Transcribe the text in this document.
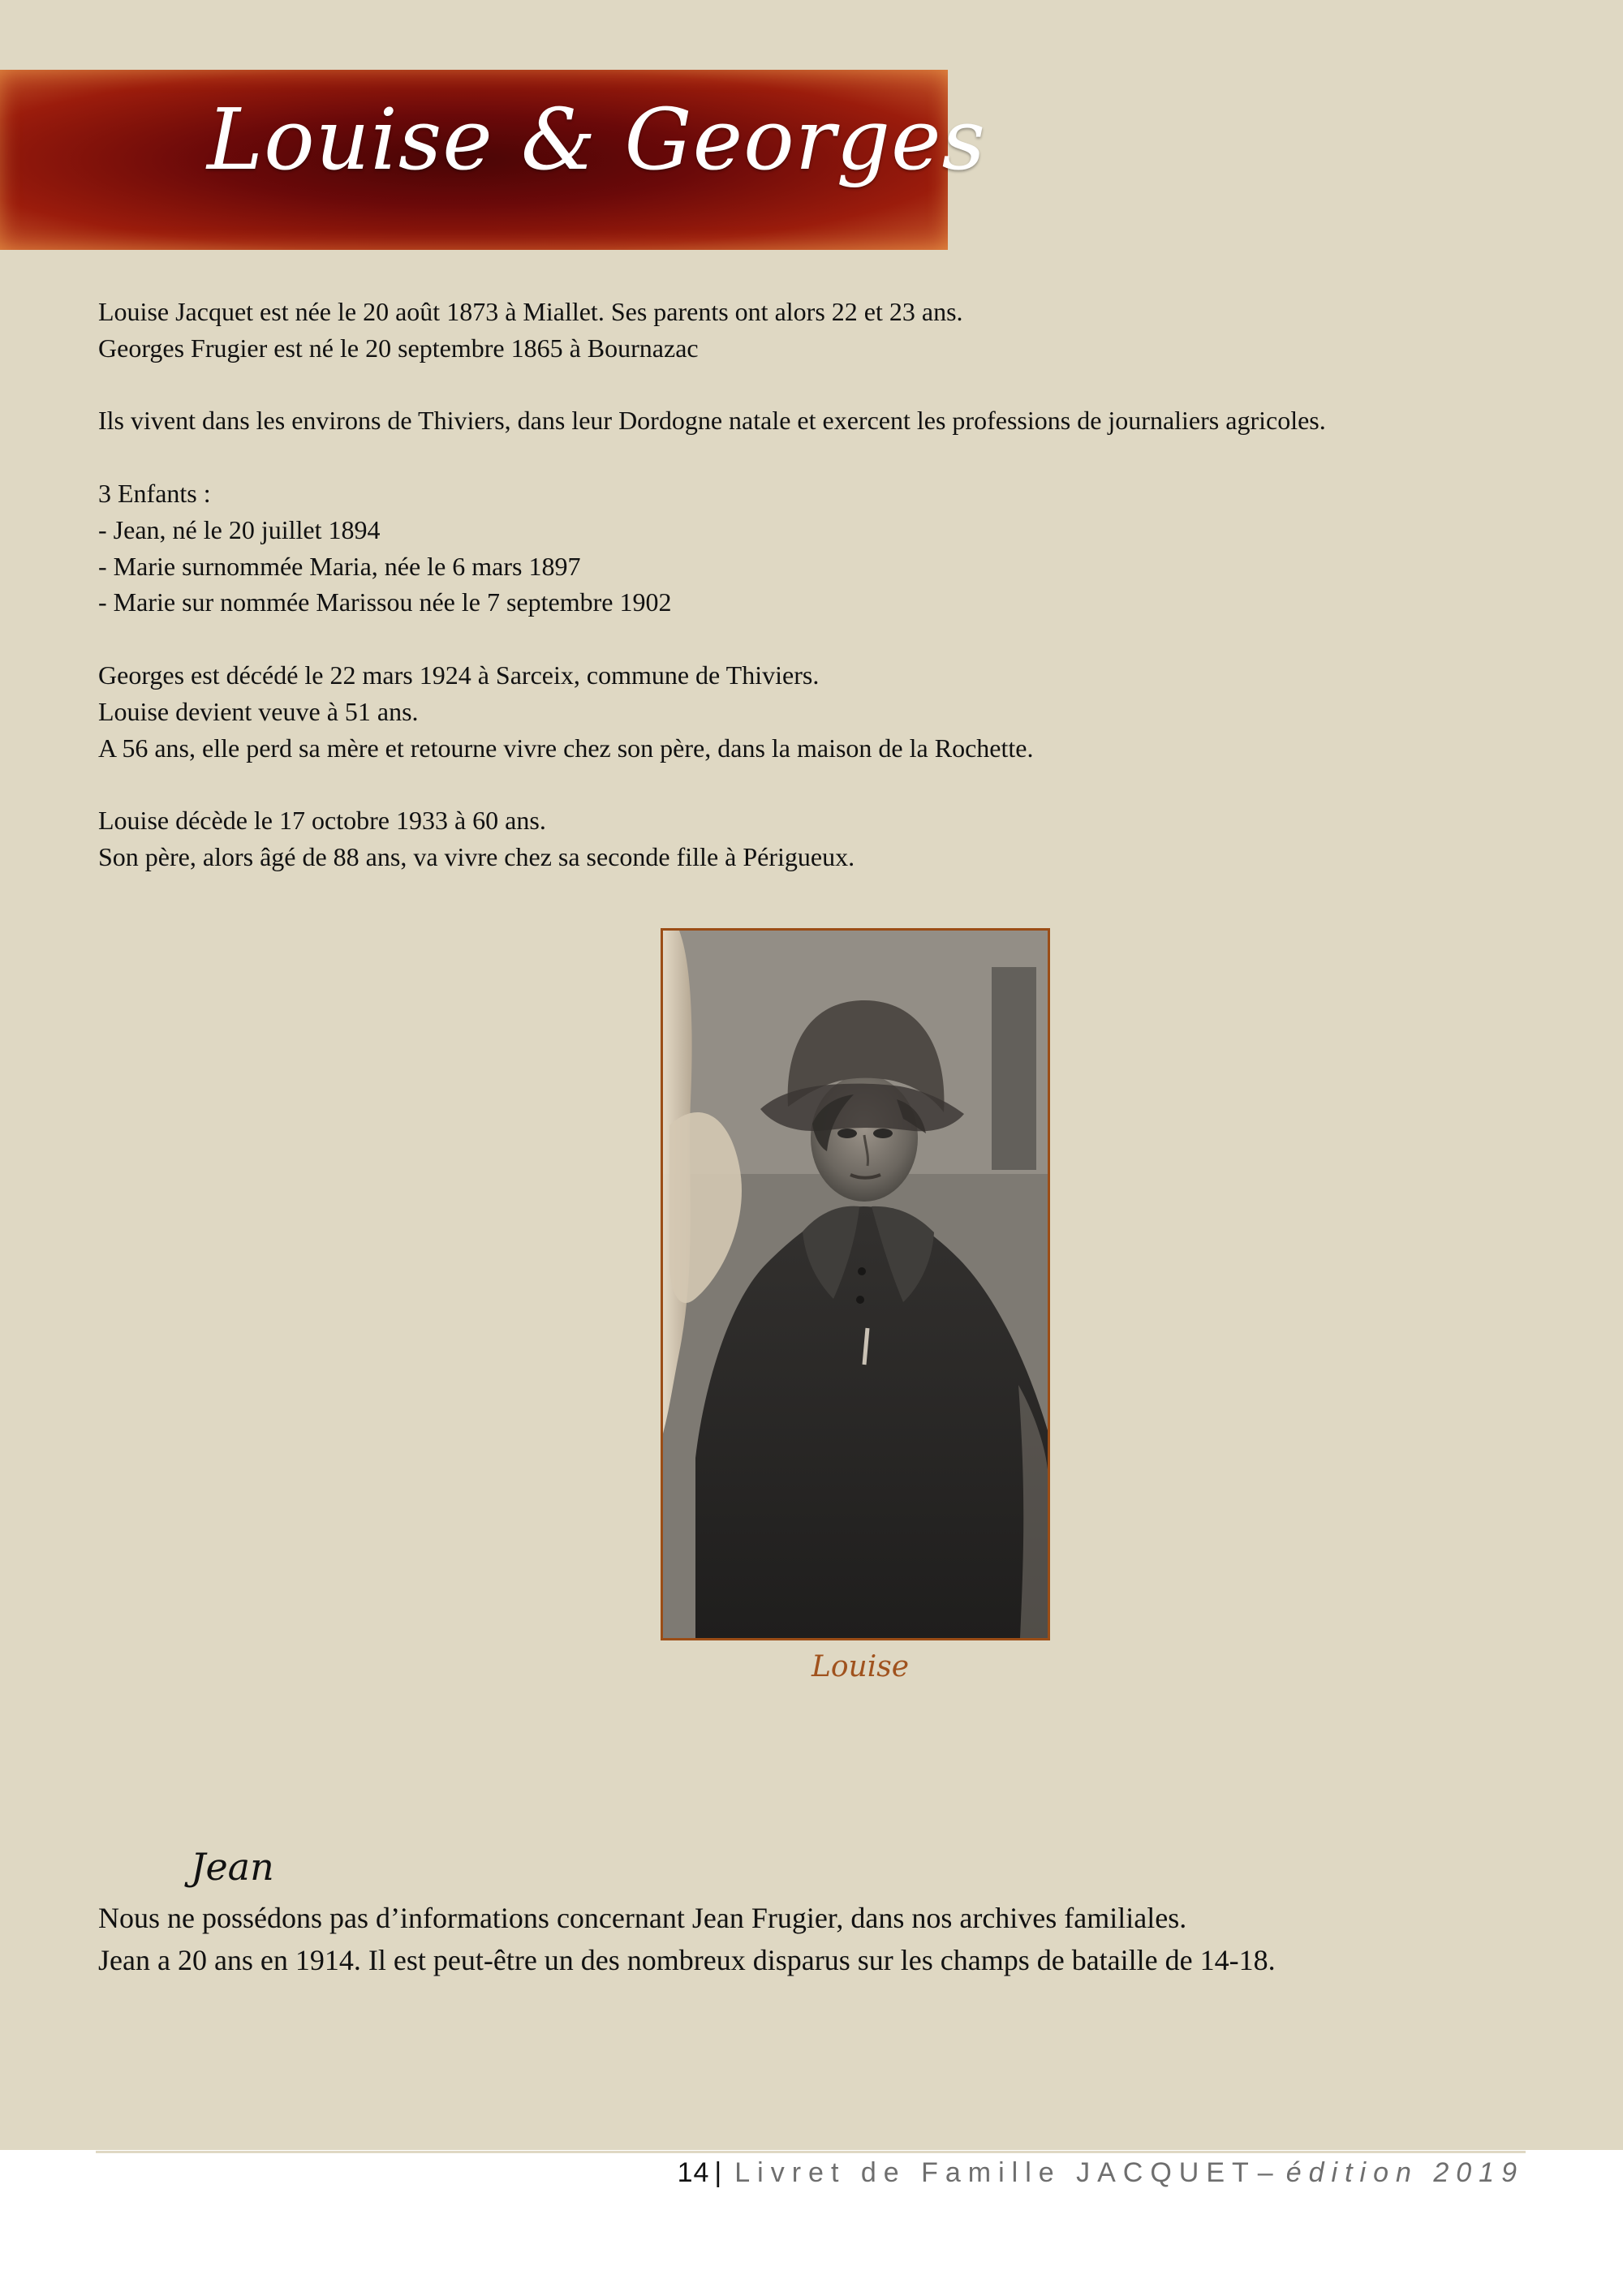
Louise & Georges

Louise Jacquet est née le 20 août 1873 à Miallet. Ses parents ont alors 22 et 23 ans.

Georges Frugier est né le 20 septembre 1865 à Bournazac

Ils vivent dans les environs de Thiviers, dans leur Dordogne natale et exercent les professions de journaliers agricoles.

3 Enfants :

- Jean, né le 20 juillet 1894

- Marie surnommée Maria, née le 6 mars 1897

- Marie sur nommée Marissou née le 7 septembre 1902

Georges est décédé le 22 mars 1924 à Sarceix, commune de Thiviers.

Louise devient veuve à 51 ans.

A 56 ans, elle perd sa mère et retourne vivre chez son père, dans la maison de la Rochette.

Louise décède le 17 octobre 1933 à 60 ans.

Son père, alors âgé de 88 ans, va vivre chez sa seconde fille à Périgueux.

Louise
Jean

Nous ne possédons pas d’informations concernant Jean Frugier, dans nos archives familiales.

Jean a 20 ans en 1914. Il est peut-être un des nombreux disparus sur les champs de bataille de 14-18.

14 | Livret de Famille JACQUET – édition 2019
